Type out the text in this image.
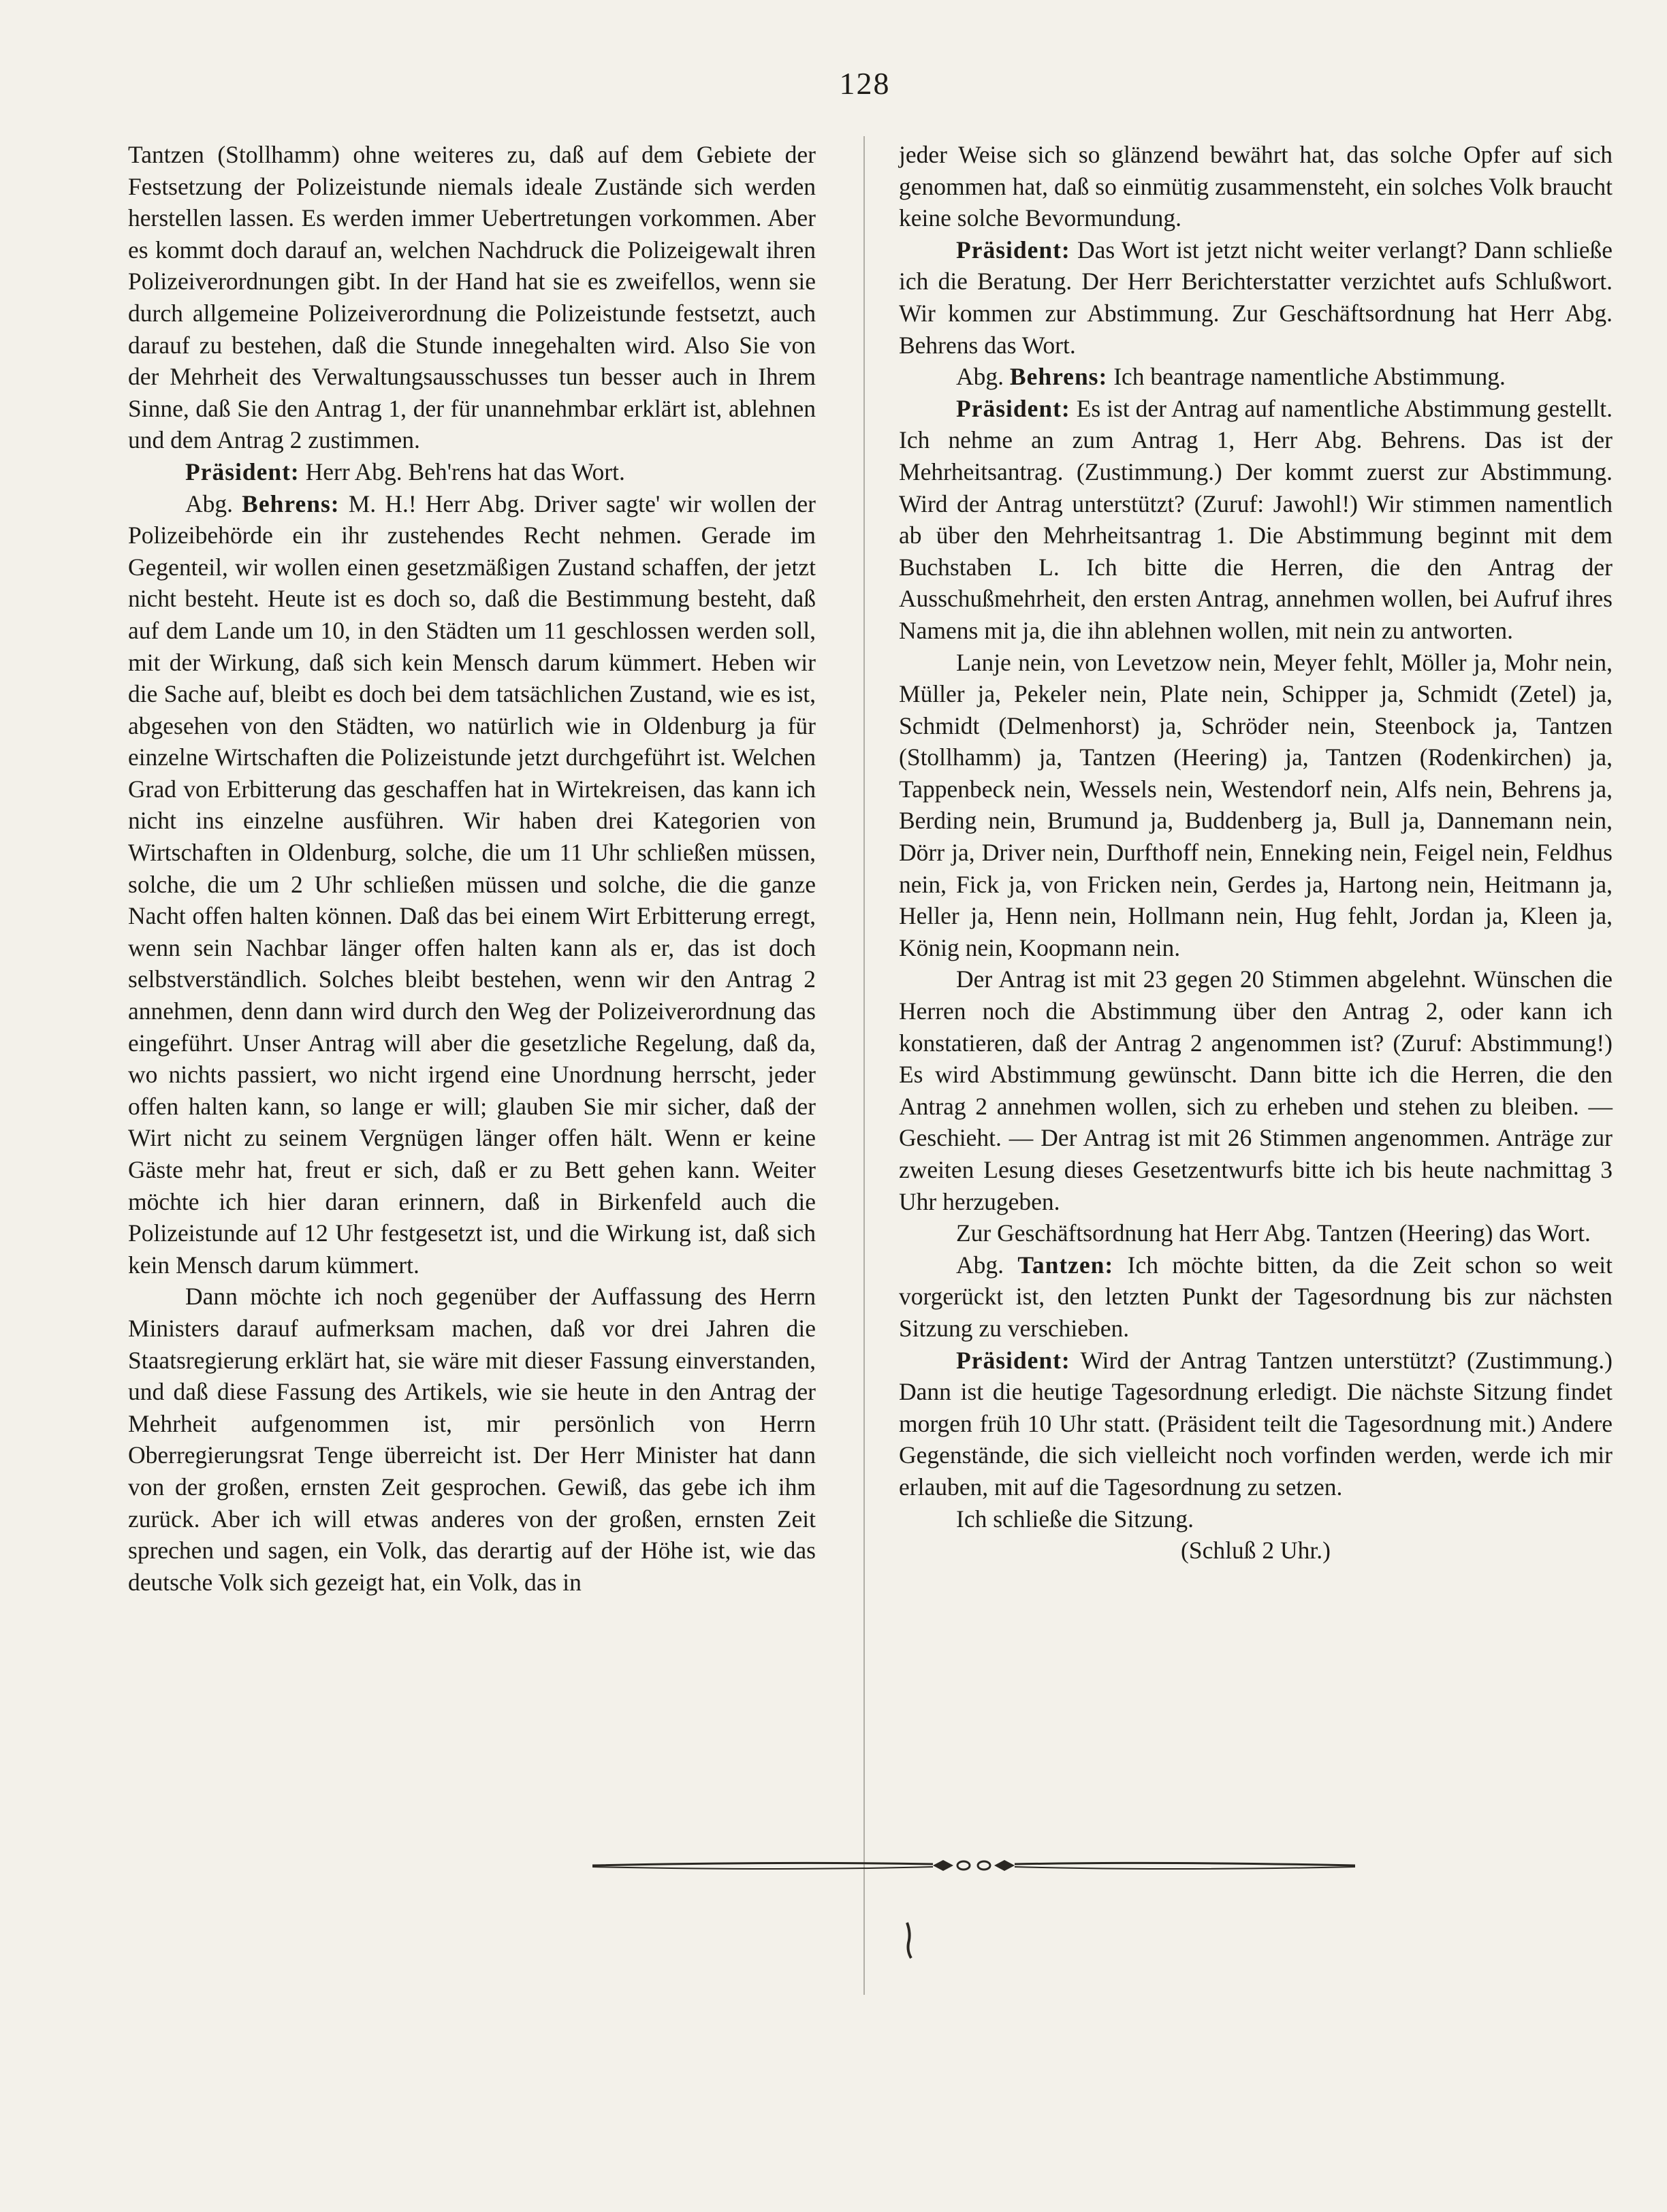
128

Tantzen (Stollhamm) ohne weiteres zu, daß auf dem Gebiete der Festsetzung der Polizeistunde niemals ideale Zustände sich werden herstellen lassen. Es werden immer Uebertretungen vorkommen. Aber es kommt doch darauf an, welchen Nachdruck die Polizeigewalt ihren Polizeiverordnungen gibt. In der Hand hat sie es zweifellos, wenn sie durch allgemeine Polizeiverordnung die Polizeistunde festsetzt, auch darauf zu bestehen, daß die Stunde innegehalten wird. Also Sie von der Mehrheit des Verwaltungsausschusses tun besser auch in Ihrem Sinne, daß Sie den Antrag 1, der für unannehmbar erklärt ist, ablehnen und dem Antrag 2 zustimmen.

Präsident: Herr Abg. Beh'rens hat das Wort.

Abg. Behrens: M. H.! Herr Abg. Driver sagte' wir wollen der Polizeibehörde ein ihr zustehendes Recht nehmen. Gerade im Gegenteil, wir wollen einen gesetzmäßigen Zustand schaffen, der jetzt nicht besteht. Heute ist es doch so, daß die Bestimmung besteht, daß auf dem Lande um 10, in den Städten um 11 geschlossen werden soll, mit der Wirkung, daß sich kein Mensch darum kümmert. Heben wir die Sache auf, bleibt es doch bei dem tatsächlichen Zustand, wie es ist, abgesehen von den Städten, wo natürlich wie in Oldenburg ja für einzelne Wirtschaften die Polizeistunde jetzt durchgeführt ist. Welchen Grad von Erbitterung das geschaffen hat in Wirtekreisen, das kann ich nicht ins einzelne ausführen. Wir haben drei Kategorien von Wirtschaften in Oldenburg, solche, die um 11 Uhr schließen müssen, solche, die um 2 Uhr schließen müssen und solche, die die ganze Nacht offen halten können. Daß das bei einem Wirt Erbitterung erregt, wenn sein Nachbar länger offen halten kann als er, das ist doch selbstverständlich. Solches bleibt bestehen, wenn wir den Antrag 2 annehmen, denn dann wird durch den Weg der Polizeiverordnung das eingeführt. Unser Antrag will aber die gesetzliche Regelung, daß da, wo nichts passiert, wo nicht irgend eine Unordnung herrscht, jeder offen halten kann, so lange er will; glauben Sie mir sicher, daß der Wirt nicht zu seinem Vergnügen länger offen hält. Wenn er keine Gäste mehr hat, freut er sich, daß er zu Bett gehen kann. Weiter möchte ich hier daran erinnern, daß in Birkenfeld auch die Polizeistunde auf 12 Uhr festgesetzt ist, und die Wirkung ist, daß sich kein Mensch darum kümmert.

Dann möchte ich noch gegenüber der Auffassung des Herrn Ministers darauf aufmerksam machen, daß vor drei Jahren die Staatsregierung erklärt hat, sie wäre mit dieser Fassung einverstanden, und daß diese Fassung des Artikels, wie sie heute in den Antrag der Mehrheit aufgenommen ist, mir persönlich von Herrn Oberregierungsrat Tenge überreicht ist. Der Herr Minister hat dann von der großen, ernsten Zeit gesprochen. Gewiß, das gebe ich ihm zurück. Aber ich will etwas anderes von der großen, ernsten Zeit sprechen und sagen, ein Volk, das derartig auf der Höhe ist, wie das deutsche Volk sich gezeigt hat, ein Volk, das in

jeder Weise sich so glänzend bewährt hat, das solche Opfer auf sich genommen hat, daß so einmütig zusammensteht, ein solches Volk braucht keine solche Bevormundung.

Präsident: Das Wort ist jetzt nicht weiter verlangt? Dann schließe ich die Beratung. Der Herr Berichterstatter verzichtet aufs Schlußwort. Wir kommen zur Abstimmung. Zur Geschäftsordnung hat Herr Abg. Behrens das Wort.

Abg. Behrens: Ich beantrage namentliche Abstimmung.

Präsident: Es ist der Antrag auf namentliche Abstimmung gestellt. Ich nehme an zum Antrag 1, Herr Abg. Behrens. Das ist der Mehrheitsantrag. (Zustimmung.) Der kommt zuerst zur Abstimmung. Wird der Antrag unterstützt? (Zuruf: Jawohl!) Wir stimmen namentlich ab über den Mehrheitsantrag 1. Die Abstimmung beginnt mit dem Buchstaben L. Ich bitte die Herren, die den Antrag der Ausschußmehrheit, den ersten Antrag, annehmen wollen, bei Aufruf ihres Namens mit ja, die ihn ablehnen wollen, mit nein zu antworten.

Lanje nein, von Levetzow nein, Meyer fehlt, Möller ja, Mohr nein, Müller ja, Pekeler nein, Plate nein, Schipper ja, Schmidt (Zetel) ja, Schmidt (Delmenhorst) ja, Schröder nein, Steenbock ja, Tantzen (Stollhamm) ja, Tantzen (Heering) ja, Tantzen (Rodenkirchen) ja, Tappenbeck nein, Wessels nein, Westendorf nein, Alfs nein, Behrens ja, Berding nein, Brumund ja, Buddenberg ja, Bull ja, Dannemann nein, Dörr ja, Driver nein, Durfthoff nein, Enneking nein, Feigel nein, Feldhus nein, Fick ja, von Fricken nein, Gerdes ja, Hartong nein, Heitmann ja, Heller ja, Henn nein, Hollmann nein, Hug fehlt, Jordan ja, Kleen ja, König nein, Koopmann nein.

Der Antrag ist mit 23 gegen 20 Stimmen abgelehnt. Wünschen die Herren noch die Abstimmung über den Antrag 2, oder kann ich konstatieren, daß der Antrag 2 angenommen ist? (Zuruf: Abstimmung!) Es wird Abstimmung gewünscht. Dann bitte ich die Herren, die den Antrag 2 annehmen wollen, sich zu erheben und stehen zu bleiben. — Geschieht. — Der Antrag ist mit 26 Stimmen angenommen. Anträge zur zweiten Lesung dieses Gesetzentwurfs bitte ich bis heute nachmittag 3 Uhr herzugeben.

Zur Geschäftsordnung hat Herr Abg. Tantzen (Heering) das Wort.

Abg. Tantzen: Ich möchte bitten, da die Zeit schon so weit vorgerückt ist, den letzten Punkt der Tagesordnung bis zur nächsten Sitzung zu verschieben.

Präsident: Wird der Antrag Tantzen unterstützt? (Zustimmung.) Dann ist die heutige Tagesordnung erledigt. Die nächste Sitzung findet morgen früh 10 Uhr statt. (Präsident teilt die Tagesordnung mit.) Andere Gegenstände, die sich vielleicht noch vorfinden werden, werde ich mir erlauben, mit auf die Tagesordnung zu setzen.

Ich schließe die Sitzung.

(Schluß 2 Uhr.)
